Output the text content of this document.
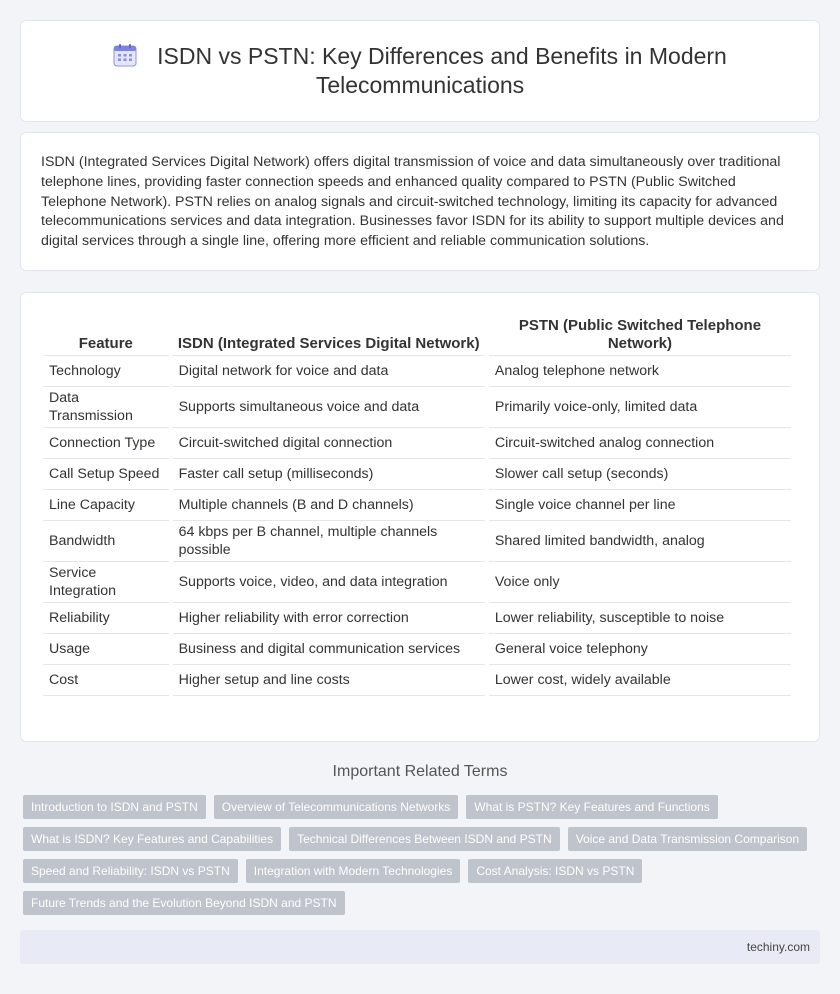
ISDN vs PSTN: Key Differences and Benefits in Modern Telecommunications

ISDN (Integrated Services Digital Network) offers digital transmission of voice and data simultaneously over traditional telephone lines, providing faster connection speeds and enhanced quality compared to PSTN (Public Switched Telephone Network). PSTN relies on analog signals and circuit-switched technology, limiting its capacity for advanced telecommunications services and data integration. Businesses favor ISDN for its ability to support multiple devices and digital services through a single line, offering more efficient and reliable communication solutions.

Feature	ISDN (Integrated Services Digital Network)	PSTN (Public Switched Telephone Network)
Technology	Digital network for voice and data	Analog telephone network
Data Transmission	Supports simultaneous voice and data	Primarily voice-only, limited data
Connection Type	Circuit-switched digital connection	Circuit-switched analog connection
Call Setup Speed	Faster call setup (milliseconds)	Slower call setup (seconds)
Line Capacity	Multiple channels (B and D channels)	Single voice channel per line
Bandwidth	64 kbps per B channel, multiple channels possible	Shared limited bandwidth, analog
Service Integration	Supports voice, video, and data integration	Voice only
Reliability	Higher reliability with error correction	Lower reliability, susceptible to noise
Usage	Business and digital communication services	General voice telephony
Cost	Higher setup and line costs	Lower cost, widely available
Important Related Terms
Introduction to ISDN and PSTN	Overview of Telecommunications Networks	What is PSTN? Key Features and Functions
What is ISDN? Key Features and Capabilities	Technical Differences Between ISDN and PSTN	Voice and Data Transmission Comparison
Speed and Reliability: ISDN vs PSTN	Integration with Modern Technologies	Cost Analysis: ISDN vs PSTN
Future Trends and the Evolution Beyond ISDN and PSTN
techiny.com
